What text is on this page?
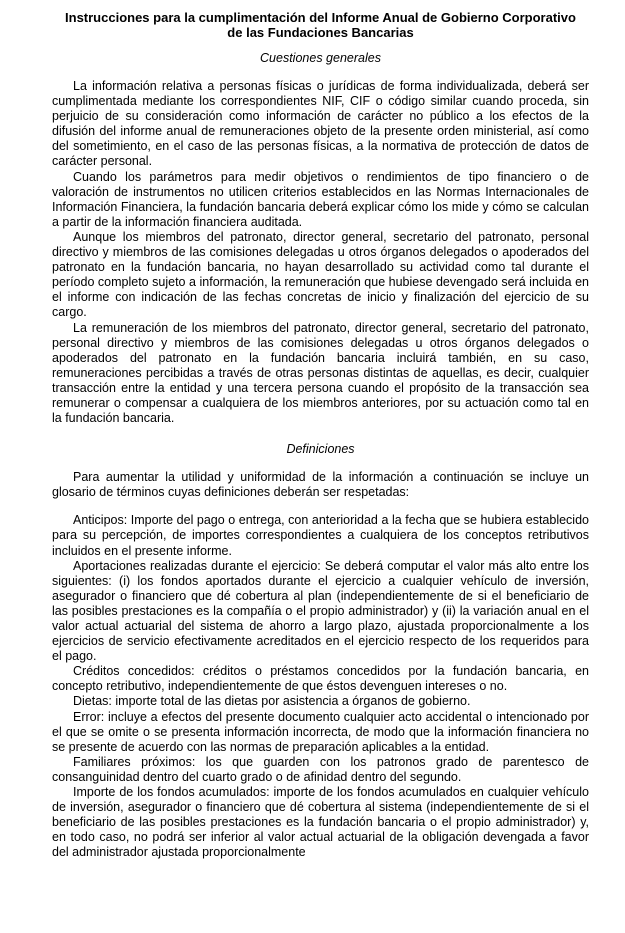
Instrucciones para la cumplimentación del Informe Anual de Gobierno Corporativo
de las Fundaciones Bancarias
Cuestiones generales

La información relativa a personas físicas o jurídicas de forma individualizada, deberá ser cumplimentada mediante los correspondientes NIF, CIF o código similar cuando proceda, sin perjuicio de su consideración como información de carácter no público a los efectos de la difusión del informe anual de remuneraciones objeto de la presente orden ministerial, así como del sometimiento, en el caso de las personas físicas, a la normativa de protección de datos de carácter personal.

Cuando los parámetros para medir objetivos o rendimientos de tipo financiero o de valoración de instrumentos no utilicen criterios establecidos en las Normas Internacionales de Información Financiera, la fundación bancaria deberá explicar cómo los mide y cómo se calculan a partir de la información financiera auditada.

Aunque los miembros del patronato, director general, secretario del patronato, personal directivo y miembros de las comisiones delegadas u otros órganos delegados o apoderados del patronato en la fundación bancaria, no hayan desarrollado su actividad como tal durante el período completo sujeto a información, la remuneración que hubiese devengado será incluida en el informe con indicación de las fechas concretas de inicio y finalización del ejercicio de su cargo.

La remuneración de los miembros del patronato, director general, secretario del patronato, personal directivo y miembros de las comisiones delegadas u otros órganos delegados o apoderados del patronato en la fundación bancaria incluirá también, en su caso, remuneraciones percibidas a través de otras personas distintas de aquellas, es decir, cualquier transacción entre la entidad y una tercera persona cuando el propósito de la transacción sea remunerar o compensar a cualquiera de los miembros anteriores, por su actuación como tal en la fundación bancaria.

Definiciones

Para aumentar la utilidad y uniformidad de la información a continuación se incluye un glosario de términos cuyas definiciones deberán ser respetadas:

Anticipos: Importe del pago o entrega, con anterioridad a la fecha que se hubiera establecido para su percepción, de importes correspondientes a cualquiera de los conceptos retributivos incluidos en el presente informe.

Aportaciones realizadas durante el ejercicio: Se deberá computar el valor más alto entre los siguientes: (i) los fondos aportados durante el ejercicio a cualquier vehículo de inversión, asegurador o financiero que dé cobertura al plan (independientemente de si el beneficiario de las posibles prestaciones es la compañía o el propio administrador) y (ii) la variación anual en el valor actual actuarial del sistema de ahorro a largo plazo, ajustada proporcionalmente a los ejercicios de servicio efectivamente acreditados en el ejercicio respecto de los requeridos para el pago.

Créditos concedidos: créditos o préstamos concedidos por la fundación bancaria, en concepto retributivo, independientemente de que éstos devenguen intereses o no.

Dietas: importe total de las dietas por asistencia a órganos de gobierno.

Error: incluye a efectos del presente documento cualquier acto accidental o intencionado por el que se omite o se presenta información incorrecta, de modo que la información financiera no se presente de acuerdo con las normas de preparación aplicables a la entidad.

Familiares próximos: los que guarden con los patronos grado de parentesco de consanguinidad dentro del cuarto grado o de afinidad dentro del segundo.

Importe de los fondos acumulados: importe de los fondos acumulados en cualquier vehículo de inversión, asegurador o financiero que dé cobertura al sistema (independientemente de si el beneficiario de las posibles prestaciones es la fundación bancaria o el propio administrador) y, en todo caso, no podrá ser inferior al valor actual actuarial de la obligación devengada a favor del administrador ajustada proporcionalmente
